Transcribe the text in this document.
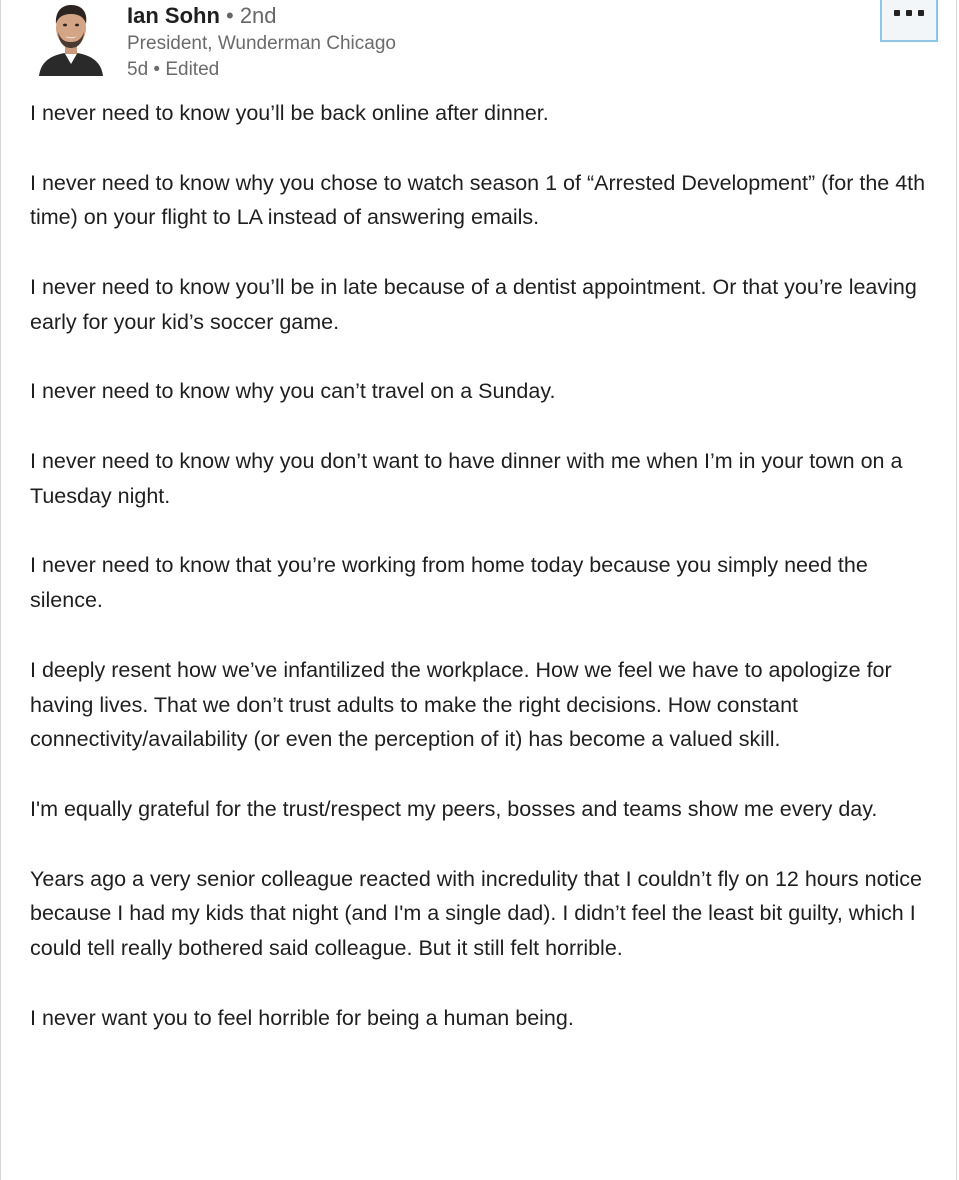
Ian Sohn • 2nd
President, Wunderman Chicago
5d • Edited

I never need to know you’ll be back online after dinner.

I never need to know why you chose to watch season 1 of “Arrested Development” (for the 4th time) on your flight to LA instead of answering emails.

I never need to know you’ll be in late because of a dentist appointment. Or that you’re leaving early for your kid’s soccer game.

I never need to know why you can’t travel on a Sunday.

I never need to know why you don’t want to have dinner with me when I’m in your town on a Tuesday night.

I never need to know that you’re working from home today because you simply need the silence.

I deeply resent how we’ve infantilized the workplace. How we feel we have to apologize for having lives. That we don’t trust adults to make the right decisions. How constant connectivity/availability (or even the perception of it) has become a valued skill.

I'm equally grateful for the trust/respect my peers, bosses and teams show me every day.

Years ago a very senior colleague reacted with incredulity that I couldn’t fly on 12 hours notice because I had my kids that night (and I'm a single dad). I didn’t feel the least bit guilty, which I could tell really bothered said colleague. But it still felt horrible.

I never want you to feel horrible for being a human being.
